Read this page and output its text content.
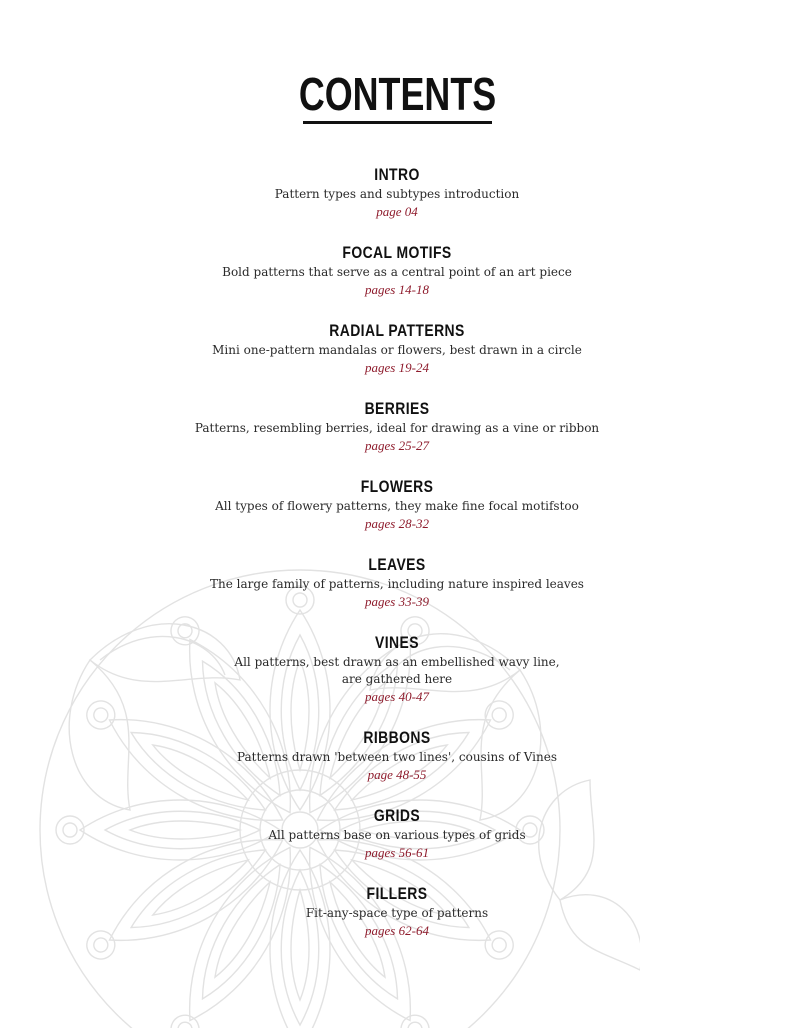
CONTENTS
INTRO
Pattern types and subtypes introduction
page 04
FOCAL MOTIFS
Bold patterns that serve as a central point of an art piece
pages 14-18
RADIAL PATTERNS
Mini one-pattern mandalas or flowers, best drawn in a circle
pages 19-24
BERRIES
Patterns, resembling berries, ideal for drawing as a vine or ribbon
pages 25-27
FLOWERS
All types of flowery patterns, they make fine focal motifstoo
pages 28-32
LEAVES
The large family of patterns, including nature inspired leaves
pages 33-39
VINES
All patterns, best drawn as an embellished wavy line,
are gathered here
pages 40-47
RIBBONS
Patterns drawn 'between two lines', cousins of Vines
page 48-55
GRIDS
All patterns base on various types of grids
pages 56-61
FILLERS
Fit-any-space type of patterns
pages 62-64
